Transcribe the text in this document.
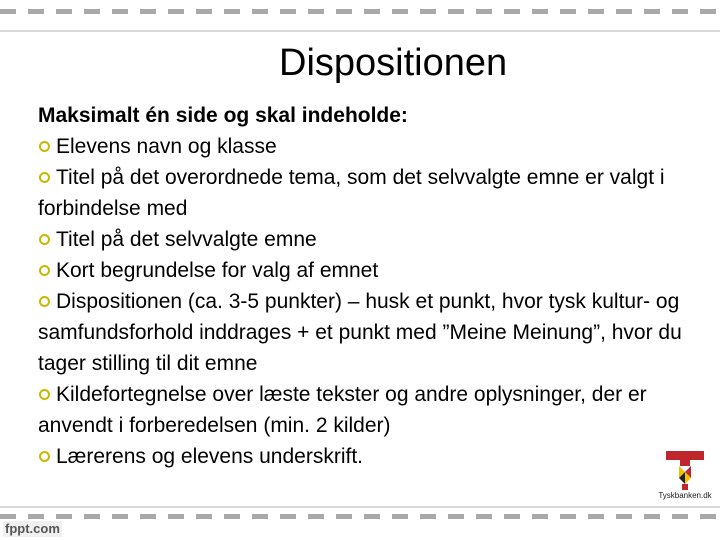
Dispositionen

Maksimalt én side og skal indeholde:

Elevens navn og klasse

Titel på det overordnede tema, som det selvvalgte emne er valgt i forbindelse med

Titel på det selvvalgte emne

Kort begrundelse for valg af emnet

Dispositionen (ca. 3-5 punkter) – husk et punkt, hvor tysk kultur- og samfundsforhold inddrages + et punkt med ”Meine Meinung”, hvor du tager stilling til dit emne

Kildefortegnelse over læste tekster og andre oplysninger, der er anvendt i forberedelsen (min. 2 kilder)

Lærerens og elevens underskrift.

Tyskbanken.dk
fppt.com
